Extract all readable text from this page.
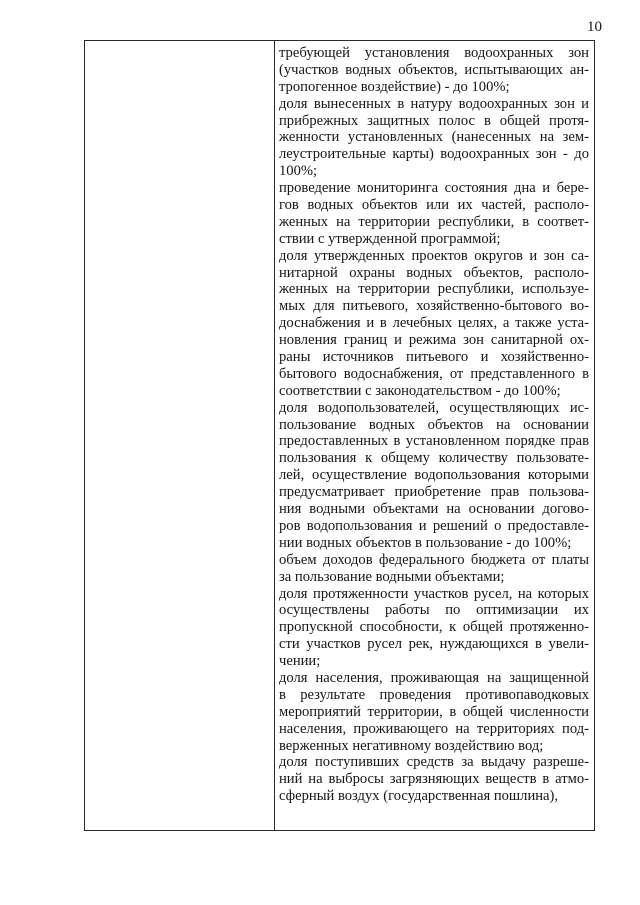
10
требующей установления водоохранных зон
(участков водных объектов, испытывающих ан-
тропогенное воздействие) - до 100%;
доля вынесенных в натуру водоохранных зон и
прибрежных защитных полос в общей протя-
женности установленных (нанесенных на зем-
леустроительные карты) водоохранных зон - до
100%;
проведение мониторинга состояния дна и бере-
гов водных объектов или их частей, располо-
женных на территории республики, в соответ-
ствии с утвержденной программой;
доля утвержденных проектов округов и зон са-
нитарной охраны водных объектов, располо-
женных на территории республики, используе-
мых для питьевого, хозяйственно-бытового во-
доснабжения и в лечебных целях, а также уста-
новления границ и режима зон санитарной ох-
раны источников питьевого и хозяйственно-
бытового водоснабжения, от представленного в
соответствии с законодательством - до 100%;
доля водопользователей, осуществляющих ис-
пользование водных объектов на основании
предоставленных в установленном порядке прав
пользования к общему количеству пользовате-
лей, осуществление водопользования которыми
предусматривает приобретение прав пользова-
ния водными объектами на основании догово-
ров водопользования и решений о предоставле-
нии водных объектов в пользование - до 100%;
объем доходов федерального бюджета от платы
за пользование водными объектами;
доля протяженности участков русел, на которых
осуществлены работы по оптимизации их
пропускной способности, к общей протяженно-
сти участков русел рек, нуждающихся в увели-
чении;
доля населения, проживающая на защищенной
в результате проведения противопаводковых
мероприятий территории, в общей численности
населения, проживающего на территориях под-
верженных негативному воздействию вод;
доля поступивших средств за выдачу разреше-
ний на выбросы загрязняющих веществ в атмо-
сферный воздух (государственная пошлина),
